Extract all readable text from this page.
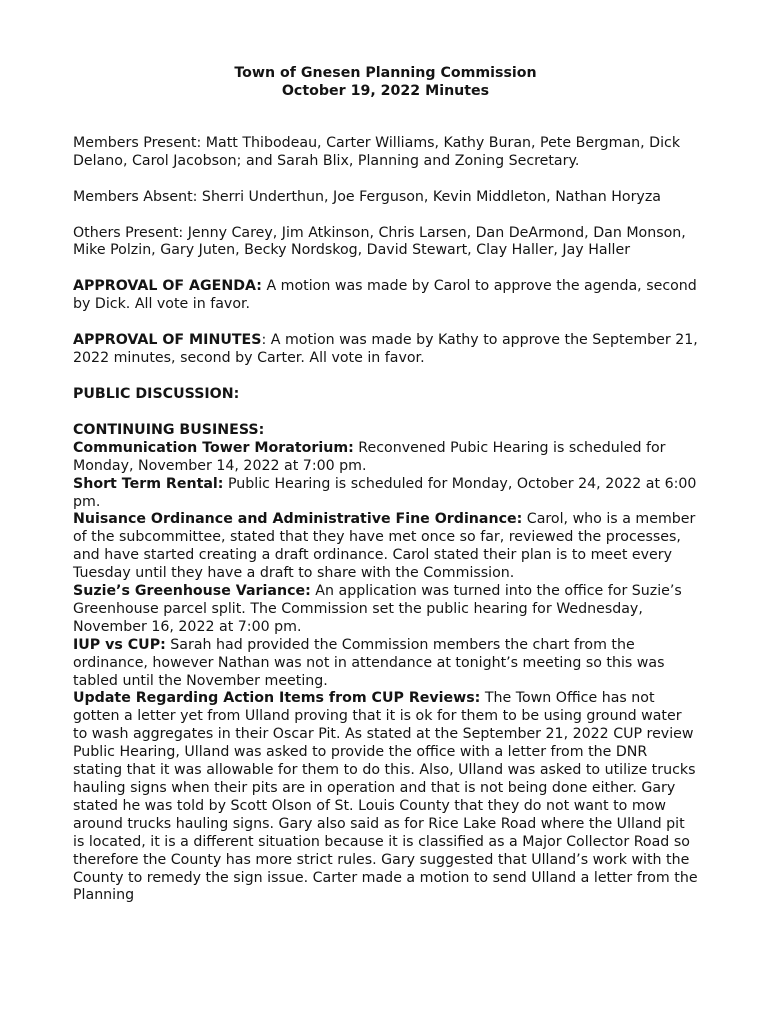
Town of Gnesen Planning Commission

October 19, 2022 Minutes

Members Present: Matt Thibodeau, Carter Williams, Kathy Buran, Pete Bergman, Dick Delano, Carol Jacobson; and Sarah Blix, Planning and Zoning Secretary.

Members Absent: Sherri Underthun, Joe Ferguson, Kevin Middleton, Nathan Horyza

Others Present: Jenny Carey, Jim Atkinson, Chris Larsen, Dan DeArmond, Dan Monson, Mike Polzin, Gary Juten, Becky Nordskog, David Stewart, Clay Haller, Jay Haller

APPROVAL OF AGENDA: A motion was made by Carol to approve the agenda, second by Dick. All vote in favor.

APPROVAL OF MINUTES: A motion was made by Kathy to approve the September 21, 2022 minutes, second by Carter. All vote in favor.

PUBLIC DISCUSSION:

CONTINUING BUSINESS:

Communication Tower Moratorium: Reconvened Pubic Hearing is scheduled for Monday, November 14, 2022 at 7:00 pm.

Short Term Rental: Public Hearing is scheduled for Monday, October 24, 2022 at 6:00 pm.

Nuisance Ordinance and Administrative Fine Ordinance: Carol, who is a member of the subcommittee, stated that they have met once so far, reviewed the processes, and have started creating a draft ordinance. Carol stated their plan is to meet every Tuesday until they have a draft to share with the Commission.

Suzie’s Greenhouse Variance: An application was turned into the office for Suzie’s Greenhouse parcel split. The Commission set the public hearing for Wednesday, November 16, 2022 at 7:00 pm.

IUP vs CUP: Sarah had provided the Commission members the chart from the ordinance, however Nathan was not in attendance at tonight’s meeting so this was tabled until the November meeting.

Update Regarding Action Items from CUP Reviews: The Town Office has not gotten a letter yet from Ulland proving that it is ok for them to be using ground water to wash aggregates in their Oscar Pit. As stated at the September 21, 2022 CUP review Public Hearing, Ulland was asked to provide the office with a letter from the DNR stating that it was allowable for them to do this. Also, Ulland was asked to utilize trucks hauling signs when their pits are in operation and that is not being done either. Gary stated he was told by Scott Olson of St. Louis County that they do not want to mow around trucks hauling signs. Gary also said as for Rice Lake Road where the Ulland pit is located, it is a different situation because it is classified as a Major Collector Road so therefore the County has more strict rules. Gary suggested that Ulland’s work with the County to remedy the sign issue. Carter made a motion to send Ulland a letter from the Planning
